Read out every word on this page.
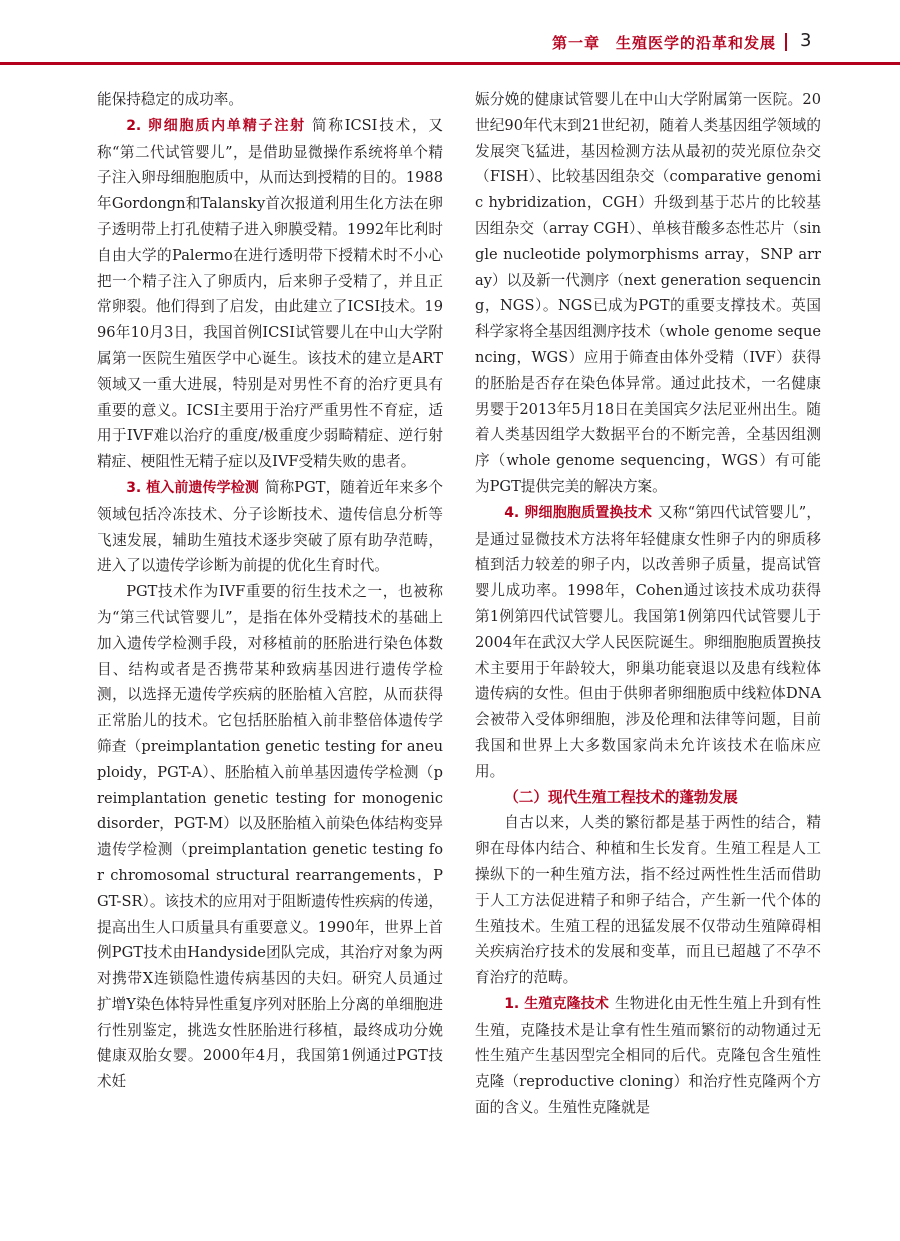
第一章　生殖医学的沿革和发展 3

能保持稳定的成功率。

2. 卵细胞质内单精子注射 简称ICSI技术，又称“第二代试管婴儿”，是借助显微操作系统将单个精子注入卵母细胞胞质中，从而达到授精的目的。1988年Gordongn和Talansky首次报道利用生化方法在卵子透明带上打孔使精子进入卵膜受精。1992年比利时自由大学的Palermo在进行透明带下授精术时不小心把一个精子注入了卵质内，后来卵子受精了，并且正常卵裂。他们得到了启发，由此建立了ICSI技术。1996年10月3日，我国首例ICSI试管婴儿在中山大学附属第一医院生殖医学中心诞生。该技术的建立是ART领域又一重大进展，特别是对男性不育的治疗更具有重要的意义。ICSI主要用于治疗严重男性不育症，适用于IVF难以治疗的重度/极重度少弱畸精症、逆行射精症、梗阻性无精子症以及IVF受精失败的患者。

3. 植入前遗传学检测 简称PGT，随着近年来多个领域包括冷冻技术、分子诊断技术、遗传信息分析等飞速发展，辅助生殖技术逐步突破了原有助孕范畴，进入了以遗传学诊断为前提的优化生育时代。

PGT技术作为IVF重要的衍生技术之一，也被称为“第三代试管婴儿”，是指在体外受精技术的基础上加入遗传学检测手段，对移植前的胚胎进行染色体数目、结构或者是否携带某种致病基因进行遗传学检测，以选择无遗传学疾病的胚胎植入宫腔，从而获得正常胎儿的技术。它包括胚胎植入前非整倍体遗传学筛查（preimplantation genetic testing for aneuploidy，PGT-A）、胚胎植入前单基因遗传学检测（preimplantation genetic testing for monogenic disorder，PGT-M）以及胚胎植入前染色体结构变异遗传学检测（preimplantation genetic testing for chromosomal structural rearrangements，PGT-SR）。该技术的应用对于阻断遗传性疾病的传递，提高出生人口质量具有重要意义。1990年，世界上首例PGT技术由Handyside团队完成，其治疗对象为两对携带X连锁隐性遗传病基因的夫妇。研究人员通过扩增Y染色体特异性重复序列对胚胎上分离的单细胞进行性别鉴定，挑选女性胚胎进行移植，最终成功分娩健康双胎女婴。2000年4月，我国第1例通过PGT技术妊

娠分娩的健康试管婴儿在中山大学附属第一医院。20世纪90年代末到21世纪初，随着人类基因组学领域的发展突飞猛进，基因检测方法从最初的荧光原位杂交（FISH）、比较基因组杂交（comparative genomic hybridization，CGH）升级到基于芯片的比较基因组杂交（array CGH）、单核苷酸多态性芯片（single nucleotide polymorphisms array，SNP array）以及新一代测序（next generation sequencing，NGS）。NGS已成为PGT的重要支撑技术。英国科学家将全基因组测序技术（whole genome sequencing，WGS）应用于筛查由体外受精（IVF）获得的胚胎是否存在染色体异常。通过此技术，一名健康男婴于2013年5月18日在美国宾夕法尼亚州出生。随着人类基因组学大数据平台的不断完善，全基因组测序（whole genome sequencing，WGS）有可能为PGT提供完美的解决方案。

4. 卵细胞胞质置换技术 又称“第四代试管婴儿”，是通过显微技术方法将年轻健康女性卵子内的卵质移植到活力较差的卵子内，以改善卵子质量，提高试管婴儿成功率。1998年，Cohen通过该技术成功获得第1例第四代试管婴儿。我国第1例第四代试管婴儿于2004年在武汉大学人民医院诞生。卵细胞胞质置换技术主要用于年龄较大，卵巢功能衰退以及患有线粒体遗传病的女性。但由于供卵者卵细胞质中线粒体DNA会被带入受体卵细胞，涉及伦理和法律等问题，目前我国和世界上大多数国家尚未允许该技术在临床应用。

（二）现代生殖工程技术的蓬勃发展

自古以来，人类的繁衍都是基于两性的结合，精卵在母体内结合、种植和生长发育。生殖工程是人工操纵下的一种生殖方法，指不经过两性性生活而借助于人工方法促进精子和卵子结合，产生新一代个体的生殖技术。生殖工程的迅猛发展不仅带动生殖障碍相关疾病治疗技术的发展和变革，而且已超越了不孕不育治疗的范畴。

1. 生殖克隆技术 生物进化由无性生殖上升到有性生殖，克隆技术是让拿有性生殖而繁衍的动物通过无性生殖产生基因型完全相同的后代。克隆包含生殖性克隆（reproductive cloning）和治疗性克隆两个方面的含义。生殖性克隆就是
